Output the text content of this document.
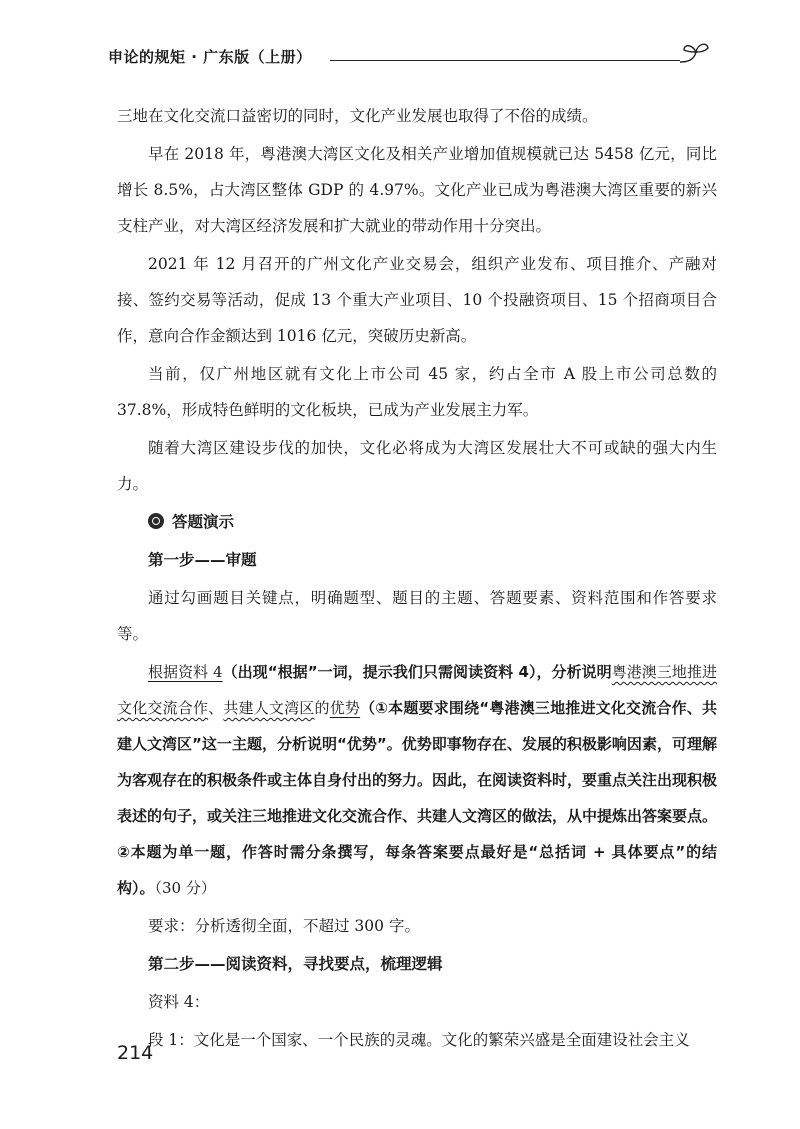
申论的规矩 · 广东版（上册）

三地在文化交流口益密切的同时，文化产业发展也取得了不俗的成绩。

早在 2018 年，粤港澳大湾区文化及相关产业增加值规模就已达 5458 亿元，同比增长 8.5%，占大湾区整体 GDP 的 4.97%。文化产业已成为粤港澳大湾区重要的新兴支柱产业，对大湾区经济发展和扩大就业的带动作用十分突出。

2021 年 12 月召开的广州文化产业交易会，组织产业发布、项目推介、产融对接、签约交易等活动，促成 13 个重大产业项目、10 个投融资项目、15 个招商项目合作，意向合作金额达到 1016 亿元，突破历史新高。

当前，仅广州地区就有文化上市公司 45 家，约占全市 A 股上市公司总数的 37.8%，形成特色鲜明的文化板块，已成为产业发展主力军。

随着大湾区建设步伐的加快，文化必将成为大湾区发展壮大不可或缺的强大内生力。

答题演示
第一步——审题

通过勾画题目关键点，明确题型、题目的主题、答题要素、资料范围和作答要求等。

根据资料 4（出现“根据”一词，提示我们只需阅读资料 4），分析说明粤港澳三地推进文化交流合作、共建人文湾区的优势（①本题要求围绕“粤港澳三地推进文化交流合作、共建人文湾区”这一主题，分析说明“优势”。优势即事物存在、发展的积极影响因素，可理解为客观存在的积极条件或主体自身付出的努力。因此，在阅读资料时，要重点关注出现积极表述的句子，或关注三地推进文化交流合作、共建人文湾区的做法，从中提炼出答案要点。②本题为单一题，作答时需分条撰写，每条答案要点最好是“总括词 + 具体要点”的结构）。（30 分）

要求：分析透彻全面，不超过 300 字。

第二步——阅读资料，寻找要点，梳理逻辑

资料 4：

段 1：文化是一个国家、一个民族的灵魂。文化的繁荣兴盛是全面建设社会主义

214
